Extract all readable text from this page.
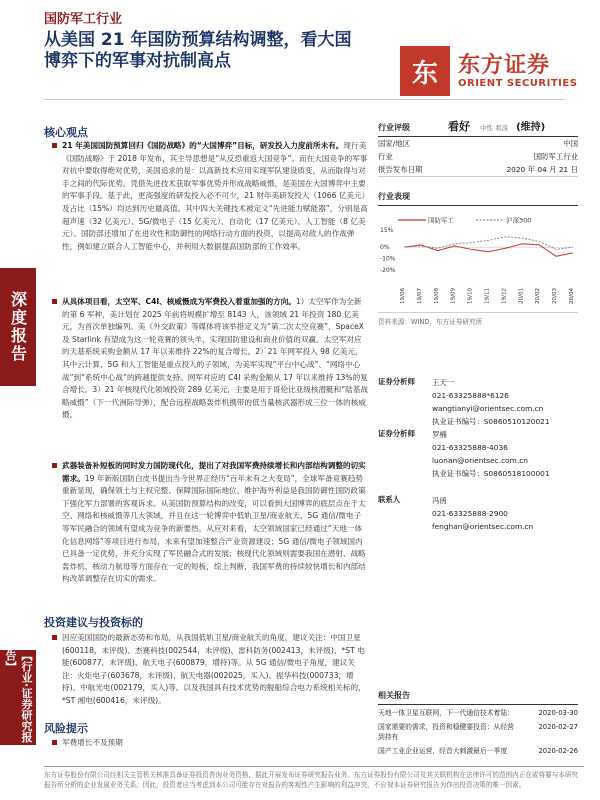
深度报告
【行业·证券研究报告】
国防军工行业
从美国 21 年国防预算结构调整，看大国博弈下的军事对抗制高点	东 东方证券
ORIENT SECURITIES
核心观点
21 年美国国防预算回归《国防战略》的“大国博弈”目标，研发投入力度前所未有。现行美《国防战略》于 2018 年发布，其主导思想是“从反恐重返大国竞争”。而在大国竞争的军事对抗中要取得绝对优势，美国追求的是：以高新技术应用实现军队建设质变，从而取得与对手之间的代际优势。凭借先进技术获取军事优势并形成战略威慑，是美国在大国博弈中主要的军事手段。基于此，更高强度的研发投入必不可少，21 财年美研发投入（1066 亿美元）及占比（15%）均达到历史最高值。其中四大关键技术被定义“先进能力赋能器”，分别是高超声速（32 亿美元）、5G/微电子（15 亿美元）、自动化（17 亿美元）、人工智能（8 亿美元）。国防部还增加了在进攻性和防御性的网络行动方面的投资，以提高对敌人的作战弹性，例如建立联合人工智能中心，并利用大数据提高国防部的工作效率。
从具体项目看，太空军、C4I、核威慑成为军费投入着重加强的方向。1）太空军作为全新的第 6 军种，美计划在 2025 年前将规模扩增至 8143 人，该领域 21 年投资 180 亿美元，为首次单独编列。美《外交政策》等媒体将该举措定义为“第二次太空竞赛”，SpaceX 及 Starlink 有望成为这一轮竞赛的领头羊，实现国防建设和商业价值的双赢。太空军对应的天基系统采购金额从 17 年以来维持 22%的复合增长。2）21 年网军投入 98 亿美元，其中云计算、5G 和人工智能是重点投入的子领域，为美军实现“平台中心战”、“网络中心战”到“系统中心战”的跨越提供支持。网军对应的 C4I 采购金额从 17 年以来维持 13%的复合增长。3）21 年核现代化领域投资 289 亿美元，主要是用于哥伦比亚级核潜艇和“陆基战略威慑”（下一代洲际导弹），配合远程战略轰炸机携带的低当量核武器形成三位一体的核威慑。
武器装备补短板的同时发力国防现代化，提出了对我国军费持续增长和内部结构调整的切实需求。19 年新版国防白皮书提出当今世界正经历“百年未有之大变局”，全球军备竞赛趋势重新显现，确保领土与主权完整、保障国际国际地位、维护海外利益是我国防御性国防政策下强化军力部署的客观诉求。从美国防预算结构的改变，可以看到大国博弈的底层点在于太空、网络和核威慑等几大领域，并且在这一轮博弈中低轨卫星/商业航天、5G 通信/微电子等军民融合的领域有望成为竞争的新要热。从应对来看，太空领域国家已经通过“天地一体化信息网络”等项目进行布局，未来有望加速整合产业资源建设；5G 通信/微电子领域国内已具备一定优势，并充分实现了军民融合式的发展；核现代化领域则需要我国在潜射、战略轰炸机、核动力航母等方面存在一定的短板，综上判断，我国军费的持续较快增长和内部结构改革调整存在切实的需求。
投资建议与投资标的
因应美国国防的最新态势和布局，从我国低轨卫星/商业航天的角度，建议关注：中国卫星(600118，未评级)、杰赛科技(002544，未评级)、雷科防务(002413，未评级)、*ST 电能(600877，未评级)、航天电子(600879，增持)等。从 5G 通信/微电子角度，建议关注：火炬电子(603678，未评级)、航天电器(002025，买入)、振华科技(000733，增持)、中航光电(002179，买入)等。以及我国具有技术优势的舰船综合电力系统相关标的，*ST 湘电(600416，未评级)。
风险提示
军费增长不及预期
行业评级	看好 中性 看淡 (维持)
国家/地区	中国
行业	国防军工行业
报告发布日期	2020 年 04 月 21 日
行业表现
国防军工	沪深300
15%
0%
-10%
-20%
19/06 19/07 19/08 19/09 19/10 19/11 19/12 20/01 20/02 20/03 20/04
资料来源：WIND，东方证券研究所
证券分析师	王天一
021-63325888*6126
wangtianyi@orientsec.com.cn
执业证书编号：S0860510120021
证券分析师	罗楠
021-63325888-4036
luonan@orientsec.com.cn
执业证书编号：S0860518100001
联系人	冯函
021-63325888-2900
fenghan@orientsec.com.cn
相关报告
天地一体卫星互联网，下一代通信技术着陆：	2020-03-30
国家需要的需求，投资和稳健要投资：从经营到持有
2020-02-27
国产工业企业运营，经首大刺激最后一季度	2020-02-26
东方证券股份有限公司经相关主管机关核准具备证券投资咨询业务资格，据此开展发布证券研究报告业务。东方证券股份有限公司及其关联机构在法律许可的范围内正在或将要与本研究报告所分析的企业发展业务关系。因此，投资者应当考虑到本公司可能存在对报告的客观性产生影响的利益冲突，不应视本证券研究报告为作出投资决策的唯一因素。
